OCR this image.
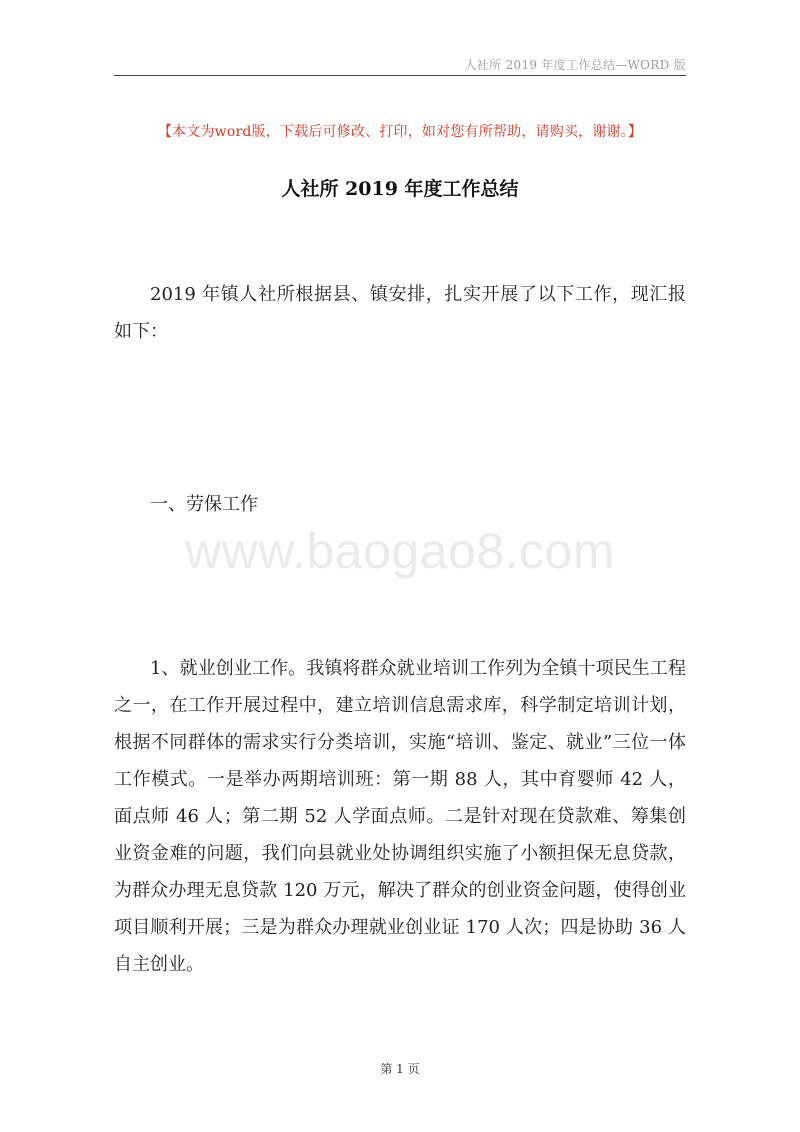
人社所 2019 年度工作总结—WORD 版
【本文为word版，下载后可修改、打印，如对您有所帮助，请购买，谢谢。】
人社所 2019 年度工作总结

2019 年镇人社所根据县、镇安排，扎实开展了以下工作，现汇报如下：

一、劳保工作

www.baogao8.com

1、就业创业工作。我镇将群众就业培训工作列为全镇十项民生工程之一，在工作开展过程中，建立培训信息需求库，科学制定培训计划，根据不同群体的需求实行分类培训，实施“培训、鉴定、就业”三位一体工作模式。一是举办两期培训班：第一期 88 人，其中育婴师 42 人，面点师 46 人；第二期 52 人学面点师。二是针对现在贷款难、筹集创业资金难的问题，我们向县就业处协调组织实施了小额担保无息贷款，为群众办理无息贷款 120 万元，解决了群众的创业资金问题，使得创业项目顺利开展；三是为群众办理就业创业证 170 人次；四是协助 36 人自主创业。

第 1 页
